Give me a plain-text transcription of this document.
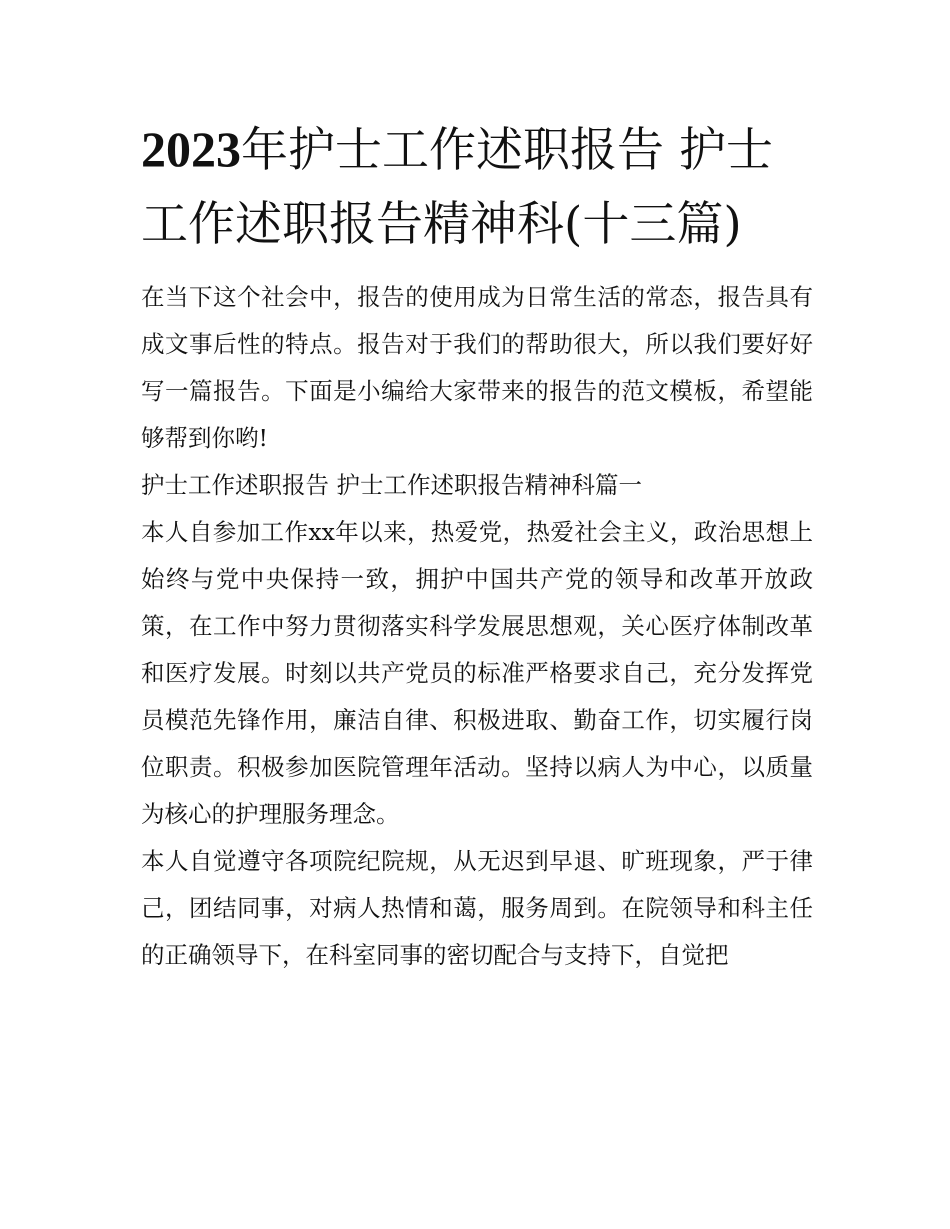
2023年护士工作述职报告 护士工作述职报告精神科(十三篇)

在当下这个社会中，报告的使用成为日常生活的常态，报告具有成文事后性的特点。报告对于我们的帮助很大，所以我们要好好写一篇报告。下面是小编给大家带来的报告的范文模板，希望能够帮到你哟!

护士工作述职报告 护士工作述职报告精神科篇一

本人自参加工作xx年以来，热爱党，热爱社会主义，政治思想上始终与党中央保持一致，拥护中国共产党的领导和改革开放政策，在工作中努力贯彻落实科学发展思想观，关心医疗体制改革和医疗发展。时刻以共产党员的标准严格要求自己，充分发挥党员模范先锋作用，廉洁自律、积极进取、勤奋工作，切实履行岗位职责。积极参加医院管理年活动。坚持以病人为中心，以质量为核心的护理服务理念。

本人自觉遵守各项院纪院规，从无迟到早退、旷班现象，严于律己，团结同事，对病人热情和蔼，服务周到。在院领导和科主任的正确领导下，在科室同事的密切配合与支持下，自觉把
